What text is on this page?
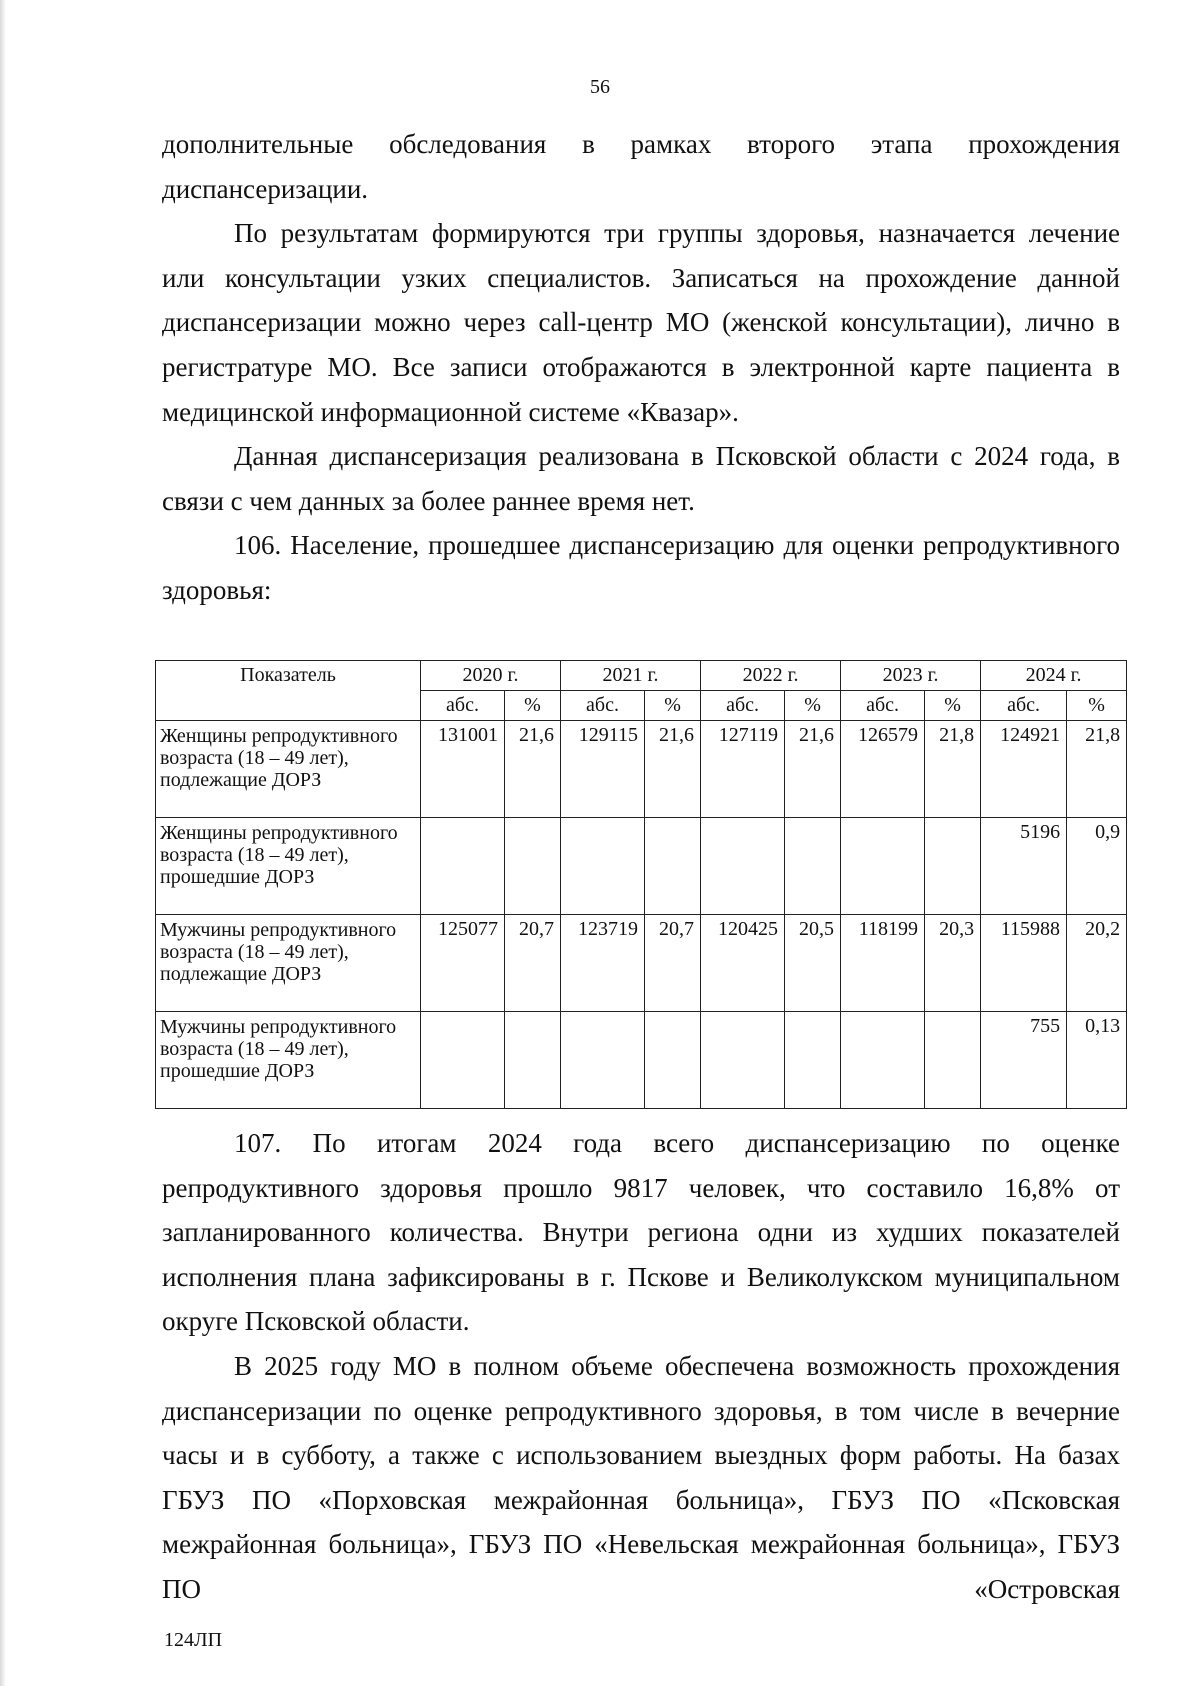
56

дополнительные обследования в рамках второго этапа прохождения диспансеризации.

По результатам формируются три группы здоровья, назначается лечение или консультации узких специалистов. Записаться на прохождение данной диспансеризации можно через call-центр МО (женской консультации), лично в регистратуре МО. Все записи отображаются в электронной карте пациента в медицинской информационной системе «Квазар».

Данная диспансеризация реализована в Псковской области с 2024 года, в связи с чем данных за более раннее время нет.

106. Население, прошедшее диспансеризацию для оценки репродуктивного здоровья:

Показатель	2020 г.		2021 г.		2022 г.		2023 г.		2024 г.	
	абс.	%	абс.	%	абс.	%	абс.	%	абс.	%
Женщины репродуктивного возраста (18 – 49 лет), подлежащие ДОРЗ	131001	21,6	129115	21,6	127119	21,6	126579	21,8	124921	21,8
Женщины репродуктивного возраста (18 – 49 лет), прошедшие ДОРЗ									5196	0,9
Мужчины репродуктивного возраста (18 – 49 лет), подлежащие ДОРЗ	125077	20,7	123719	20,7	120425	20,5	118199	20,3	115988	20,2
Мужчины репродуктивного возраста (18 – 49 лет), прошедшие ДОРЗ									755	0,13

107. По итогам 2024 года всего диспансеризацию по оценке репродуктивного здоровья прошло 9817 человек, что составило 16,8% от запланированного количества. Внутри региона одни из худших показателей исполнения плана зафиксированы в г. Пскове и Великолукском муниципальном округе Псковской области.

В 2025 году МО в полном объеме обеспечена возможность прохождения диспансеризации по оценке репродуктивного здоровья, в том числе в вечерние часы и в субботу, а также с использованием выездных форм работы. На базах ГБУЗ ПО «Порховская межрайонная больница», ГБУЗ ПО «Псковская межрайонная больница», ГБУЗ ПО «Невельская межрайонная больница», ГБУЗ ПО «Островская

124ЛП
